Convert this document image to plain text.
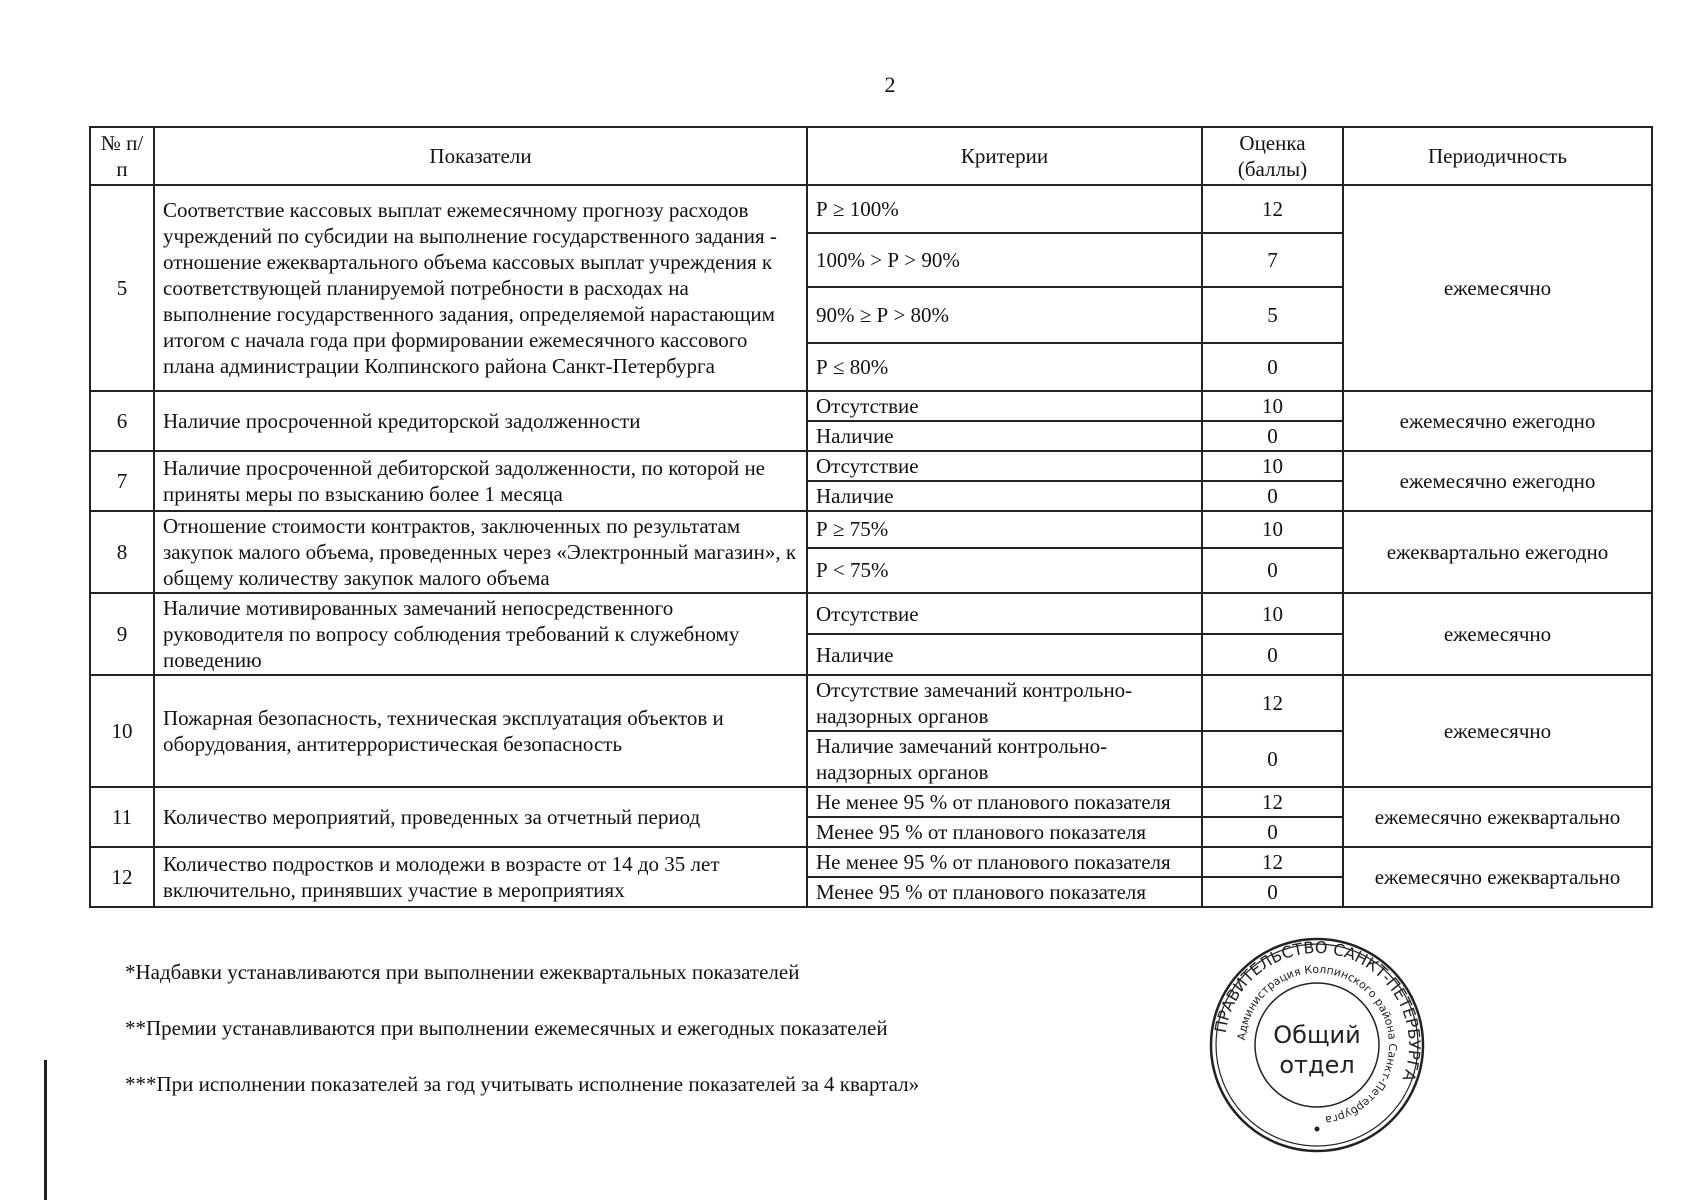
2
№ п/п	Показатели	Критерии	Оценка (баллы)	Периодичность
5	Соответствие кассовых выплат ежемесячному прогнозу расходов учреждений по субсидии на выполнение государственного задания - отношение ежеквартального объема кассовых выплат учреждения к соответствующей планируемой потребности в расходах на выполнение государственного задания, определяемой нарастающим итогом с начала года при формировании ежемесячного кассового плана администрации Колпинского района Санкт-Петербурга	Р ≥ 100%	12	ежемесячно
		100% > Р > 90%	7	
		90% ≥ Р > 80%	5	
		Р ≤ 80%	0	
6	Наличие просроченной кредиторской задолженности	Отсутствие	10	ежемесячно ежегодно
		Наличие	0	
7	Наличие просроченной дебиторской задолженности, по которой не приняты меры по взысканию более 1 месяца	Отсутствие	10	ежемесячно ежегодно
		Наличие	0	
8	Отношение стоимости контрактов, заключенных по результатам закупок малого объема, проведенных через «Электронный магазин», к общему количеству закупок малого объема	Р ≥ 75%	10	ежеквартально ежегодно
		Р < 75%	0	
9	Наличие мотивированных замечаний непосредственного руководителя по вопросу соблюдения требований к служебному поведению	Отсутствие	10	ежемесячно
		Наличие	0	
10	Пожарная безопасность, техническая эксплуатация объектов и оборудования, антитеррористическая безопасность	Отсутствие замечаний контрольно-надзорных органов	12	ежемесячно
		Наличие замечаний контрольно-надзорных органов	0	
11	Количество мероприятий, проведенных за отчетный период	Не менее 95 % от планового показателя	12	ежемесячно ежеквартально
		Менее 95 % от планового показателя	0	
12	Количество подростков и молодежи в возрасте от 14 до 35 лет включительно, принявших участие в мероприятиях	Не менее 95 % от планового показателя	12	ежемесячно ежеквартально
		Менее 95 % от планового показателя	0	

*Надбавки устанавливаются при выполнении ежеквартальных показателей

**Премии устанавливаются при выполнении ежемесячных и ежегодных показателей

***При исполнении показателей за год учитывать исполнение показателей за 4 квартал»

ПРАВИТЕЛЬСТВО САНКТ-ПЕТЕРБУРГА
Администрация Колпинского района Санкт-Петербурга
Общий
отдел
